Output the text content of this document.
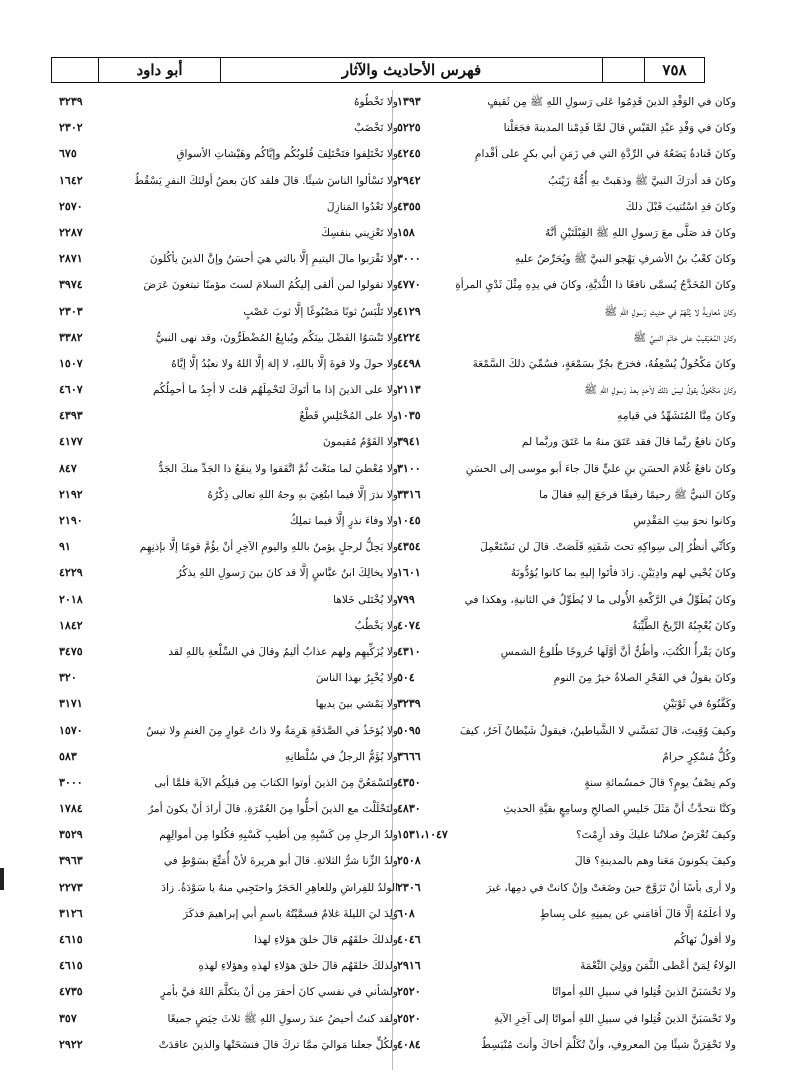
٧٥٨
فهرس الأحاديث والآثار
أبو داود
وكان في الوَفْدِ الذينَ قَدِمُوا عَلى رَسولِ اللهِ ﷺ مِن ثَقيفٍ
١٣٩٣
وكانَ في وَفْدِ عبْدِ القَيْسِ قالَ لمَّا قَدِمْنا المدينةَ فجَعَلْنا
٥٢٢٥
وكانَ قَتادةُ يَضَعُهُ في الرِّدَّةِ التي في زَمَنِ أبي بكرٍ على أقْدامِ
٤٢٤٥
وكانَ قد أدرَكَ النبيَّ ﷺ وذهَبتْ بهِ أُمُّهُ زَيْنَبُ
٢٩٤٢
وكانَ قدِ اسْتُتيبَ قَبْلَ ذلكَ
٤٣٥٥
وكانَ قد صَلَّى معَ رَسولِ اللهِ ﷺ القِبْلَتَيْنِ أنَّهُ
١٥٨
وكانَ كعْبُ بنُ الأشرفِ يَهْجو النبيَّ ﷺ ويُحَرِّضُ عليهِ
٣٠٠٠
وكانَ المُخَدَّجُ يُسمَّى نافعًا ذا الثُّدَيَّةِ، وكانَ في يدِهِ مِثْلَ ثَدْيِ المرأةِ
٤٧٧٠
وكانَ مُعاويةُ لا يُتَّهَمُ في حديثِ رَسولِ اللهِ ﷺ
٤١٢٩
وكانَ المُعَيْقيبُ على خاتَمِ النبيِّ ﷺ
٤٢٢٤
وكانَ مَكْحُولٌ يُسْعِفُهُ، فخرَجَ بجُرِّ بسَمْعَةٍ، فسُمِّيَ ذلكَ السَّمْعَةَ
٤٤٩٨
وكانَ مَكْحُولٌ يقولُ ليسَ ذلكَ لأحدٍ بعدَ رَسولِ اللهِ ﷺ
٢١١٣
وكانَ مِنَّا المُتَشَهِّدُ في قيامِهِ
١٠٣٥
وكانَ نافعٌ ربَّما قالَ فقد عَتَقَ منهُ ما عَتَقَ وربَّما لم
٣٩٤١
وكانَ نافعٌ غُلامَ الحسَنِ بنِ عليٍّ قالَ جاءَ أبو موسى إلى الحسَنِ
٣١٠٠
وكانَ النبيُّ ﷺ رحيمًا رفيقًا فرجَعَ إليهِ فقالَ ما
٣٣١٦
وكانوا نحوَ بيتِ المَقْدِسِ
١٠٤٥
وكأنِّي أنظُرُ إلى سِواكِهِ تحتَ شَفَتِهِ قَلَصَتْ. قالَ لن نَسْتَعْمِلَ
٤٣٥٤
وكانَ يُحْيي لهم وادِيَيْنِ. زادَ فأتَوا إليهِ بما كانوا يُؤدُّونَهُ
١٦٠١
وكانَ يُطَوِّلُ في الرَّكْعةِ الأُولى ما لا يُطَوِّلُ في الثانيةِ، وهكذا في
٧٩٩
وكانَ يُعْجِبُهُ الرِّيحُ الطَّيِّبَةُ
٤٠٧٤
وكانَ يَقْرأُ الكُتُبَ، وأظُنُّ أنَّ أوَّلَها خُروجًا طُلوعُ الشمسِ
٤٣١٠
وكانَ يقولُ في الفَجْرِ الصلاةُ خيرٌ مِنَ النومِ
٥٠٤
وكَفَّنُوهُ في ثَوْبَيْنِ
٣٢٣٩
وكيفَ وُقِيتَ، قالَ تَمَسَّني لا الشَّياطينُ، فيقولُ شَيْطانٌ آخَرُ، كيفَ
٥٠٩٥
وكُلُّ مُسْكِرٍ حرامٌ
٣٦٦٦
وكم نِصْفُ يومٍ؟ قالَ خمسُمائةِ سنةٍ
٤٣٥٠
وكنَّا نتحدَّثُ أنَّ مَثَلَ جَليسِ الصالحِ وسامِعٍ بقيَّةِ الحديثِ
٤٨٣٠
وكيفَ تُعْرَضُ صلاتُنا عليكَ وقد أرِمْتَ؟
١٥٣١،١٠٤٧
وكيفَ يكونونَ مَعَنا وهم بالمدينةِ؟ قالَ
٢٥٠٨
ولا أرى بأسًا أنْ تَزَوَّجَ حينَ وضَعَتْ وإنْ كانتْ في دمِها، غيرَ
٢٣٠٦
ولا أعلَمُهُ إلَّا قالَ أقامَني عن يمينِهِ على بِساطٍ
٦٠٨
ولا أقولُ نَهاكُم
٤٠٤٦
الولاءُ لِمَنْ أعْطى الثَّمَنَ ووَلِيَ النِّعْمَةَ
٢٩١٦
ولا تَحْسَبَنَّ الذينَ قُتِلوا في سبيلِ اللهِ أمواتًا
٢٥٢٠
ولا تَحْسَبَنَّ الذينَ قُتِلوا في سبيلِ اللهِ أمواتًا إلى آخِرِ الآيةِ
٢٥٢٠
ولا تَحْقِرَنَّ شيئًا مِنَ المعروفِ، وأنْ تُكَلِّمَ أخاكَ وأنتَ مُنْبَسِطٌ
٤٠٨٤
ولا تَخْطُوهُ
٣٢٣٩
ولا تَخْضَبْ
٢٣٠٢
ولا تَخْتَلِفوا فتَخْتَلِفَ قُلوبُكُم وإيَّاكُم وهَيْشاتِ الأسواقِ
٦٧٥
ولا تَسْألوا الناسَ شيئًا. قالَ فلقد كانَ بعضُ أولئكَ النفرِ يَسْقُطُ
١٦٤٢
ولا تَعْدُوا المَنازِلَ
٢٥٧٠
ولا تَعْزِيني بنفسِكَ
٢٢٨٧
ولا تَقْرَبوا مالَ اليتيمِ إلَّا بالتي هيَ أحسَنُ وإنَّ الذينَ يأكُلونَ
٢٨٧١
ولا تقولوا لمن ألقى إليكُمُ السلامَ لستَ مؤمنًا تبتغونَ عَرَضَ
٣٩٧٤
ولا تَلْبَسُ ثوبًا مَصْبُوغًا إلَّا ثوبَ عَصْبٍ
٢٣٠٣
ولا تَنْسَوُا الفَضْلَ بينَكُم ويُبايِعُ المُضْطَرُّونَ، وقد نهى النبيُّ
٣٣٨٢
ولا حولَ ولا قوةَ إلَّا باللهِ، لا إلهَ إلَّا اللهُ ولا نعبُدُ إلَّا إيَّاهُ
١٥٠٧
ولا على الذينَ إذا ما أتَوكَ لتَحْمِلَهُم قلتَ لا أجِدُ ما أحمِلُكُم
٤٦٠٧
ولا على المُخْتَلِسِ قَطْعٌ
٤٣٩٣
ولا القَوْمُ مُقيمونَ
٤١٧٧
ولا مُعْطيَ لما منَعْتَ ثُمَّ اتَّفَقوا ولا ينفَعُ ذا الجَدِّ منكَ الجَدُّ
٨٤٧
ولا نذرَ إلَّا فيما ابتُغِيَ بهِ وجهُ اللهِ تعالى ذِكْرُهُ
٢١٩٢
ولا وفاءَ نذرٍ إلَّا فيما تملِكُ
٢١٩٠
ولا يَحِلُّ لرجلٍ يؤمنُ باللهِ واليومِ الآخِرِ أنْ يؤُمَّ قومًا إلَّا بإذنِهِم
٩١
ولا يخالِكَ ابنُ عبَّاسٍ إلَّا قد كانَ بينَ رَسولِ اللهِ يذكُرُ
٤٢٢٩
ولا يُخْتَلى خَلاها
٢٠١٨
ولا يَخْطُبُ
١٨٤٢
ولا يُزَكِّيهِم ولهم عذابٌ أليمٌ وقالَ في السِّلْعةِ باللهِ لقد
٣٤٧٥
ولا يُخْبِرُ بهذا الناسَ
٣٢٠
ولا يَمْشي بينَ يديها
٣١٧١
ولا يُؤخَذُ في الصَّدَقَةِ هَرِمَةٌ ولا ذاتُ عَوارٍ مِنَ الغنمِ ولا تيسٌ
١٥٧٠
ولا يُؤَمُّ الرجلُ في سُلْطانِهِ
٥٨٣
ولتَسْمَعُنَّ مِنَ الذينَ أوتوا الكتابَ مِن قبلِكُم الآيةَ فلمَّا أبى
٣٠٠٠
ولتَحْلَلْتَ مع الذينَ أحلُّوا مِنَ العُمْرَةِ. قالَ أرادَ أنْ يكونَ أمرُ
١٧٨٤
ولدُ الرجلِ مِن كَسْبِهِ مِن أطيبِ كَسْبِهِ فكُلوا مِن أموالِهِم
٣٥٢٩
ولدُ الزِّنا شرُّ الثلاثةِ. قالَ أبو هريرةَ لأنْ أُمَتِّعَ بسَوْطٍ في
٣٩٦٣
الولدُ للفِراشِ وللعاهِرِ الحَجَرُ واحتَجِبي منهُ يا سَوْدَةُ. زادَ
٢٢٧٣
وُلِدَ ليَ الليلةَ غلامٌ فسمَّيْتُهُ باسمِ أبي إبراهيمَ فذكَرَ
٣١٢٦
ولذلكَ خلقَهُم قالَ خلقَ هؤلاءِ لهذا
٤٦١٥
ولذلكَ خلقَهُم قالَ خلقَ هؤلاءِ لهذهِ وهؤلاءِ لهذهِ
٤٦١٥
ولشأني في نفسي كانَ أحقرَ مِن أنْ يتكلَّمَ اللهُ فيَّ بأمرٍ
٤٧٣٥
ولقد كنتُ أحيضُ عندَ رسولِ اللهِ ﷺ ثلاثَ حِيَضٍ جميعًا
٣٥٧
ولكُلٍّ جعلنا مَواليَ ممَّا تركَ قالَ فنسَخَتْها والذينَ عاقدَتْ
٢٩٢٢
